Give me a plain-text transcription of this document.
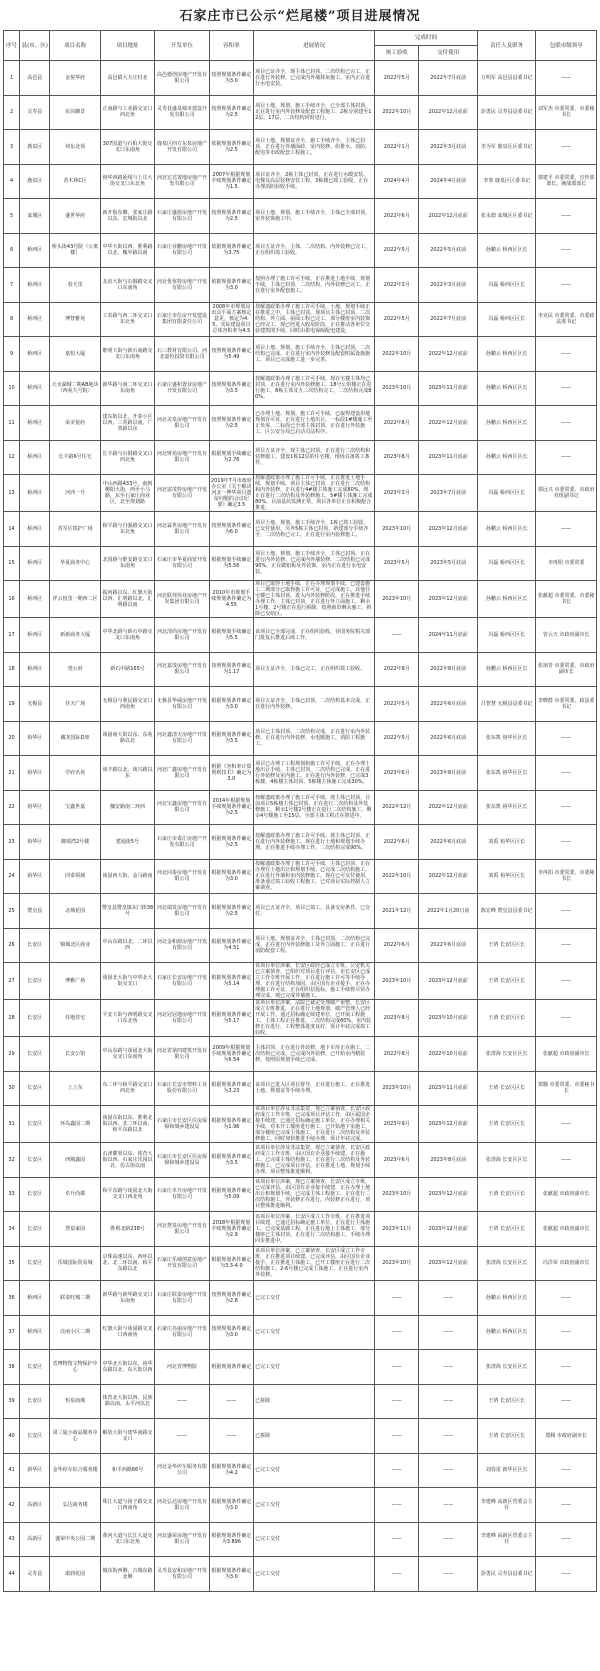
石家庄市已公示“烂尾楼”项目进展情况
序号	县(市、区)	项目名称	项目地址	开发单位	容积率	进展情况	完成时间		责任人及职务	包联市级领导
							竣工验收	交付使用		
1	高邑县	金悦华府	高邑镇大夫庄村北	高邑德创房地产开发有限公司	按照规划条件确定为3.0	项目已证齐全，现主体已封顶，二次结构已完工，正在进行外装修，已完成内外墙抹灰施工，室内正在进行水电安装。	2022年5月	2022年7月底前	万明军 高邑县县委书记	——
2	灵寿县	东岗御景	正南路与工业路交叉口西北角	灵寿县盛泉城市建设开发有限公司	按照规划条件确定为2.5	项目土地、规划、施工手续齐全，已全部主体封顶，正在进行室内外装修及配套工程施工，2栋分别建至12层、17层，二次结构同时进行。	2022年10月	2022年12月底前	彭勇民 灵寿县县委书记	刘军杰 市委常委、市委秘书长
3	鹿泉区	何东北苑	307国道与石柏大街交叉口东南角	鹿泉区四方东泉房地产开发有限公司	依据规划条件确定为2.5	项目土地、规划证齐全，施工手续齐全，主体已封顶，正在进行外墙面砖、室内装修、给排水、消防、配电等市政配套工程施工。	2022年1月	2022年3月底前	李为军 鹿泉区区委书记	——
4	鹿泉区	香木林C区	裕华西路延线与上庄大街交叉口东北角	河北宏达置地房地产开发有限公司	2007年根据规划手续规划条件确定为1.5	项目证齐全，2栋主体已封顶，正在进行水暖安装、电梯及高层装修安装工程，3栋楼已竣工验收，正在办理消防验收手续。	2024年4月	2024年4月底前	李参 鹿泉区区委书记	郭建平 市委常委、宣传部部长、统战部部长
5	栾城区	盛世华府	新开街东侧、张家庄路以东、宏城街以北	石家庄盛源房地产开发有限公司	按照规划条件确定为2.5	项目土地、规划、施工手续齐全，主体已全部封顶，室外装饰施工中。	2022年6月	2022年12月底前	张永德 栾城区区委书记	——
6	桥西区	桥头街43号院（公寓楼）	中华大街以西、胜利路以北、槐中路以南	石家庄业鹏房地产开发有限公司	依据规划条件确定为3.75	项目五证齐全，主体、二次结构、内外装修已完工，正在组织竣工验收。	2022年5月	2022年5月底前	孙鹏云 桥西区区长	——
7	桥西区	春天里	友谊大街与石铜路交叉口东南角	河北优优特房地产开发有限公司	依据规划条件确定为3.0	按照办理了施工许可手续，正在推进土地手续，规划手续，主体已封顶，二次结构，内外装修已完工，正在进行室外配套施工。	2022年3月	2022年3月底前	冯磊 桥西区区长	——
8	桥西区	博智雅苑	工农路与西二环交叉口东北角	石家庄市住房开发建设集团有限责任公司	2008年市规划局出具平面方案核定意见，核定为4.5，实际建设项目总体容积率为4.5	按解遗政策办理了施工许可手续，土地、规划手续正在推进之中，主体已封顶，现项目主体已封顶，二次结构、外立面、屋面工程已完工，部分楼座室内装饰已经完工，现已经进入收尾阶段，正在推动各单位交验建筑图手续，同时由供电保障配电建设。	2022年5月	2022年7月底前	冯磊 桥西区区长	李克民 市委常委、市委政法委书记
9	桥西区	嘉恒大厦	维明大街与新石南路交叉口东南角	石三教材有限公司、河北嘉恒投资有限公司	按照规划条件确定为5.49	项目土地、规划、施工手续齐全，主体已封顶，二次结构已完成，正在进行室内外装修及配套附属设施施工，项目已完成施工进一步完善。	2022年10月	2022年12月底前	孙鹏云 桥西区区长	——
10	桥西区	天水湖城二期AB地块（西苑九号院）	新华路与南二环交叉口东南角	石家庄盛和置业房地产开发有限公司	按照规划条件确定为3.5	按解遗政策办理了施工许可手续，现在宅楼主体均已封顶，正在进行室内外装修施工，18号公馆楼正在进行施工，8栋主体及五二次结构完工，二次结构完成80%。	2023年10月	2023年11月底前	孙鹏云 桥西区区长	——
11	桥西区	荣美悦府	建东街以北，开泰小区以西，三英路以南，广善路以东	河北美泉房地产开发有限公司	按照规划条件确定为2.5	已办理土地、规划、施工许可手续，已取得建设用地规划许可证，正在进行土地出让，一标段1#楼施工至正负零，二标段已全部主体封顶，正在进行外装施工，区公安分局已启动司法程序。	2022年8月	2022年12月底前	孙鹏云 桥西区区长	——
12	桥西区	长丰路6号住宅	长丰路与石钢路交叉口西北角	河北财苑房地产开发有限公司	根据规划手续确定为2.76	项目五证齐全，现主体已封顶，正在进行二次结构和装修施工，建设1栋12层的住宅楼，现场具备竣工条件。	2023年8月	2023年11月底前	孙鹏云 桥西区区长	——
13	桥西区	河西一号	中山西路433号，南到柳阳大街，西至小马路，东至石家庄商业区，北至规划路	河北富茂特房地产开发有限公司	2019年7月市政府办公室《关于解决河北一博华项目遗留问题的会议纪要》确定3.5	按解遗政策办理了施工许可手续，正在推进土地手续，规划手续。项目主体已封顶，正在进行二次结构和内外装修，正在进行4#楼主体施工完成80%，现正在进行二次结构及外装修施工，5#楼主体施工完成80%，目前基坑监测正常，项目各单位正在积极配合推进。	2023年3月	2023年7月底前	冯磊 桥西区区长	郭远兴 市委常委、市政府党组副书记
14	桥西区	省军区铁护广场	和平路与自强路交叉口东北角	河北霖世房地产开发有限公司	按照规划条件确定为6.0	项目土地、规划、施工手续齐全，1栋已竣工验收，已交付使用，另外5栋主体已封顶，新建部分手续齐全，二次结构已完工，正在进行室内装修施工。	2023年10月	2023年12月底前	孙鹏云 桥西区区长	——
15	桥西区	华夏商务中心	北国路与维安路交叉口东南角	石家庄市华夏商贸开发有限公司	根据规划手续确定为5.56	项目土地、规划、施工手续齐全，主体已封顶，正在进行内外装修，已完成内外墙装修，二次结构已完成90%，正在做铝板及外装饰，室内正在进行水电安装。	2023年5月	2023年5月底前	冯磊 桥西区区长	李再阳 市委常委
16	桥西区	祥云悦玺一期西二区	振河路以东、红旗大街以西、汇明路以北、汇明路以南	河北联邦伟业房地产开发集团有限公司	2010年市规划手续规划条件确定为4.55	项目已取得土地手续，正在办理规划手续，已建设施工二期部分已取得施工许可证，已完成施工。其他住宅楼已主体封顶，进入内外装修阶段，正在推进手续办理工作，主体已封顶，正在进行外立面施工，剩余1号楼、2号楼正在进行拆除，按照新旧剩余施工，拆除已交给区。	2023年10月	2023年12月底前	孙鹏云 桥西区区长	张献超 市委常委、市委秘书长
17	桥西区	新新商务大厦	中华北路与新石中路交叉口东南角	河北清尚房地产开发有限公司	根据规划手续确定为5.5	该项目已全部完成，正在组织验收，待国务院相关部门批复后推进后续工作。	——	2024年11月底前	冯磊 桥西区区长	管云天 市政府副市长
18	桥西区	望公府	新石中路165号	河北嘉茂房地产开发有限公司	按照规划条件确定为1.17	项目五证齐全，主体已完工，正在组织竣工验收。	2022年8月	2022年8月底前	孙鹏云 桥西区区长	张翊青 市委常委、市政府副市长
19	无极县	佳天广场	无极县与利民路交叉口西南角	无极县华威房地产开发有限公司	根据规划条件确定为3.0	项目五证齐全，主体已封顶，二次结构基本完成，正在进行内外装修。	2022年5月	2022年6月底前	吕智慧 无极县县委书记	李晓群 市委常委、政法委书记
20	裕华区	藏龙国际D座	谈固南大街以东、东苑路以北	河北鑫清天房地产开发有限公司	根据规划条件确定为3.5	项目已主体封顶，二次结构完成，正在进行室内外装修，正在进行内外装修、水电暖施工，消防工程施工。	2022年5月	2022年6月底前	张东凯 裕华区区长	——
21	裕华区	学府名苑	谈丰路以北，谈兴路以东	河北广鑫房地产开发有限公司	根据《容积率计算规则技术》确定为3.0	项目已办理了工程规划和施工许可手续，正在办理土地出让手续，主体已封顶，二次结构已完成，正在进行外装修及室内施工，正在进行内外装修，已完成3栋楼、4栋楼主体封顶，5栋楼主体施工完成30%。	2023年6月	2023年8月底前	张东凯 裕华区区长	——
22	裕华区	宝鑫世嘉	槐安路南二环西	河北宝鑫房地产开发有限公司	2014年根据规划手续规划条件确定为2.5	按解遗政策办理了施工许可手续，现主体已封顶，目前项目5栋楼主体已封顶，正在进行二次结构及外装修施工，剩余1号楼2号楼正在进行二次结构施工，剩余4号楼施工至15层，全部主体工程正在推进中。	2022年12月	2022年12月底前	张东凯 裕华区区长	——
23	裕华区	御璟湾2号楼	建通街5号	石家庄市泰汇房地产开发有限公司	根据规划条件确定为2.5	按解遗政策办理了施工许可手续，现主体已封顶，正在进行内外装修施工，现在进行土地和规划手续办理，正在推进手续办理工作，二次结构完成90%。	2022年6月	2022年6月底前	刘禹 裕华区区长	——
24	裕华区	同泰领域	谈固西大街、金马路南	河北同泰房地产开发有限公司	根据规划条件确定为3.0	按解遗政策办理了施工许可手续，主体已封顶，正在办理有土地出让和规划手续，已完成二次结构施工，正在进行外墙和室内装修施工，现在已可交付使用，准备通过竣工验收工程施工，已对项目实际控制人立案调查。	2022年10月	2022年12月底前	刘禹 裕华区区长	李再阳 市委常委、市委秘书长
25	赞皇县	北城花园	赞皇县赞皇镇东门街38号	河北瑞发房地产开发有限公司	根据规划条件确定为2.5	项目已五证齐全，项目已竣工，具备交房条件，已交付。	2021年12月	2022年1月20日前	陈宏峰 赞皇县县委书记	——
26	长安区	锦城北区商业	中山东路以北、二环以西	河北金和源房地产开发有限公司	根据规划条件确定为4.51	项目土地、规划证齐全，主体已封顶，二次结构已完成，正在进行内外装修施工及外立面施工，正在进行消防配套工程。	2022年6月	2022年6月底前	王靖 长安区区长	——
27	长安区	博雅广场	谈固北大街与中华北大街交叉口	石家庄长安房地产开发有限公司	根据规划条件确定为5.14	该项目单位涉案，长安区政府已成立专班，公安机关已立案侦查，已组织对项目进行评估，市长安区已成立工作专班开展工作，正在进行施工许可等手续办理，正在进行结构加固，由区国有企业接手，正在办理施工许可证，正在组织招投标，施工手续将尽快办理完成，现已完成外墙施工。	2023年10月	2023年12月底前	王靖 长安区区长	——
28	长安区	佳地佳宅	平安大街与西明路交叉口东北角	河北冠冠地房地产开发有限公司	根据规划条件确定为5.17	该项目单位涉案，法院已裁定受理破产重整，长安区成立专班推进，正在进行土地规划，破产管理人已经开展工作，通过招标确定续建单位，已开展工程施工，主体工程正在推进，二次结构完成60%，室内装修正在进行，工程整体进度良好，预计年底完成竣工验收。	2023年8月	2023年10月底前	王靖 长安区区长	——
29	长安区	长安公馆	中山东路与谈固北大街交叉口东南角	河北省第四建筑开发有限公司	2009年根据规划手续规划条件确定为6.54	主体封顶，正在进行外装修，地下车库正在施工，二次结构已完成，已完成内外装修，已开始室内精装修，按照原规划手续已完成。	2022年8月	2022年10月底前	张清海 长安区区长	张献超 市政府副市长
30	长安区	上上东	东二环与和平路交叉口西北角	石家庄长安市塑料工业股份有限公司	根据规划条件确定为3.23	该项目已进入区项目督导，正在进行施工，正在推进土地、规划证等手续办理。	2023年10月	2023年11月底前	王靖 长安区区长	郑腾 市委常委、市委秘书长
31	长安区	环岛鑫园二期	谈固东街以东、胜利北街以西、北二环以南、和平东路以北	石家庄市长安区住房保障和城乡建设局	根据规划条件确定为1.96	该项目单位涉及非法集资，现已立案侦查，长安区政府成立工作专班，已完成项目评估工作，由区属国企接手续建，已通过招标确定施工单位，正在办理相关手续，对未开工楼座进行施工，已开始地下室施工，部分楼座已完成主体施工，正在进行二次结构及外装修施工，同时加快推进手续办理，预计年底完成。	2023年9月	2023年12月底前	王靖 长安区区长	——
32	长安区	西城鑫园	石津灌渠以东、体育大街以西、石家庄乐园以北、仿古街以南	石家庄市长安区住房保障和城乡建设局	根据规划条件确定为3.5	该项目单位涉及非法集资，现已立案侦查，长安区政府成立工作专班，由区国有企业接手续建，正在施工，已完成主体结构施工，正在进行二次结构及外装修施工，已完成项目评估，正在推进土地、规划手续办理，项目整体推进顺利。	2023年6月	2023年8月底前	张清海 长安区区长	——
33	长安区	卓升尚都	和平东路与谈固北大街交叉口西北角	石家庄卓升房地产开发有限公司	根据规划条件确定为5.09	该项目单位涉案，现已立案侦查，长安区成立专班，已完成评估，由区国有企业接手续建，正在办理土地出让和规划手续，已完成主体工程施工，正在进行二次结构施工，外装修正在进行，内装修正在进行，项目整体推进顺利。	2023年10月	2023年12月底前	王靖 长安区区长	张献超 市政府副市长
34	长安区	慧泉家园	胜利北路238号	河北慧泉房地产开发有限公司	2018年根据规划手续规划条件确定为2.9	该项目单位涉案，长安区成立工作专班，正在推进项目续建，已通过招标确定施工单位，正在进行主体施工，已完成基础工程，正在进行地上主体施工，部分楼座已主体封顶，正在进行二次结构施工，手续办理同步推进中。	2023年11月	2023年12月底前	王靖 长安区区长	张献超 市政府副市长
35	长安区	乐城国际贸易城	京珠高速以东、西环以北、北二环以南、和平东路以北	石家庄乐城创意房地产开发有限公司	根据规划条件确定为3.3-4.0	该项目单位涉案，已立案侦查，长安区成立工作专班，正在推进项目续建，已完成评估，由区国有企业接手，正在推进主体施工，已开工楼座正在进行二次结构施工，2-6号楼已完成主体施工，正在进行室内外装修。	2023年10月	2023年12月底前	张清海 长安区区长	冯洋荣 市政府副市长
36	桥西区	联泰旺城二期	新华路与新华路交叉口东南角	石家庄联泰房地产开发有限公司	按照规划条件确定为2.8	已完工交付	——	——	孙鹏云 桥西区区长	——
37	桥西区	亮丽小区二期	红旗大街与谈固路交叉口西南角	石家庄亮丽房地产开发有限公司	按照规划条件确定为3.0	已完工交付	——	——	孙鹏云 桥西区区长	——
38	长安区	省博物馆文物保护中心	中华北大街以东、裕华东路以北、东大街以西	河北省博物院	根据规划条件确定	已完工交付	——	——	张清海 长安区区长	——
39	长安区	恒泉商城	体育北大街以西、民族路以南、太平河以北	——	——	已拆除	——	——	王靖 长安区区长	——
40	长安区	周三旋小商品服务中心	解放大街与建华南路交叉口	——	——	已拆除	——	——	王靖 长安区区长	郑腾 市政府副市长
41	新华区	金华停车综合服务楼	和平西路66号	河北金华停车服务有限公司	根据规划条件确定为4.2	已完工交付	——	——	刘春雷 新华区区长	——
42	高新区	弘达商务楼	珠江大道与扬子路交叉口西南角	河北弘达房地产开发有限公司	根据规划条件确定为3.0	已完工交付	——	——	李建峰 高新区管委会主任	——
43	高新区	盛荣中央公园二期	黄河大道与长江大道交叉口东北角	河北盛荣房地产开发有限公司	根据规划条件确定为3.896	已完工交付	——	——	李建峰 高新区管委会主任	——
44	灵寿县	康润花园	城东街西侧、古城东路北侧	灵寿县安和房地产开发有限公司	根据规划条件确定为3.0	已完工交付	——	——	彭勇民 灵寿县县委书记	——
